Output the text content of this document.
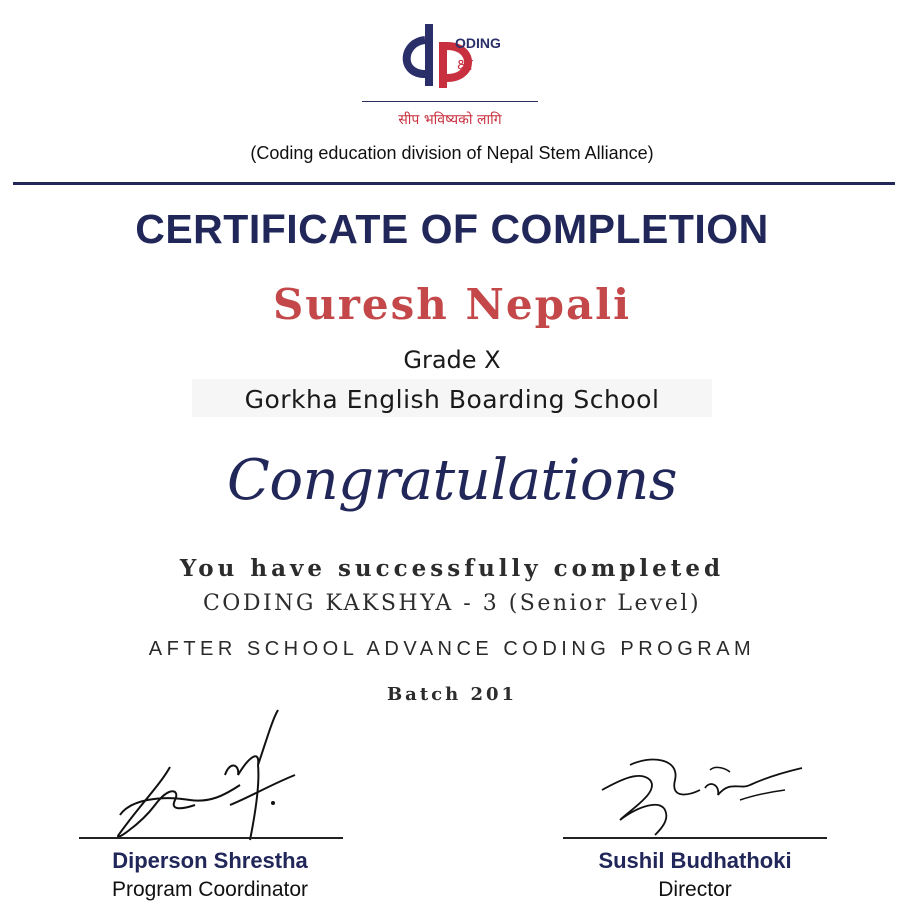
ODING
क्षा
सीप भविष्यको लागि
(Coding education division of Nepal Stem Alliance)
CERTIFICATE OF COMPLETION
Suresh Nepali
Grade X
Gorkha English Boarding School
Congratulations
You have successfully completed
CODING KAKSHYA - 3 (Senior Level)
AFTER SCHOOL ADVANCE CODING PROGRAM
Batch 201
Diperson Shrestha
Program Coordinator
Sushil Budhathoki
Director
